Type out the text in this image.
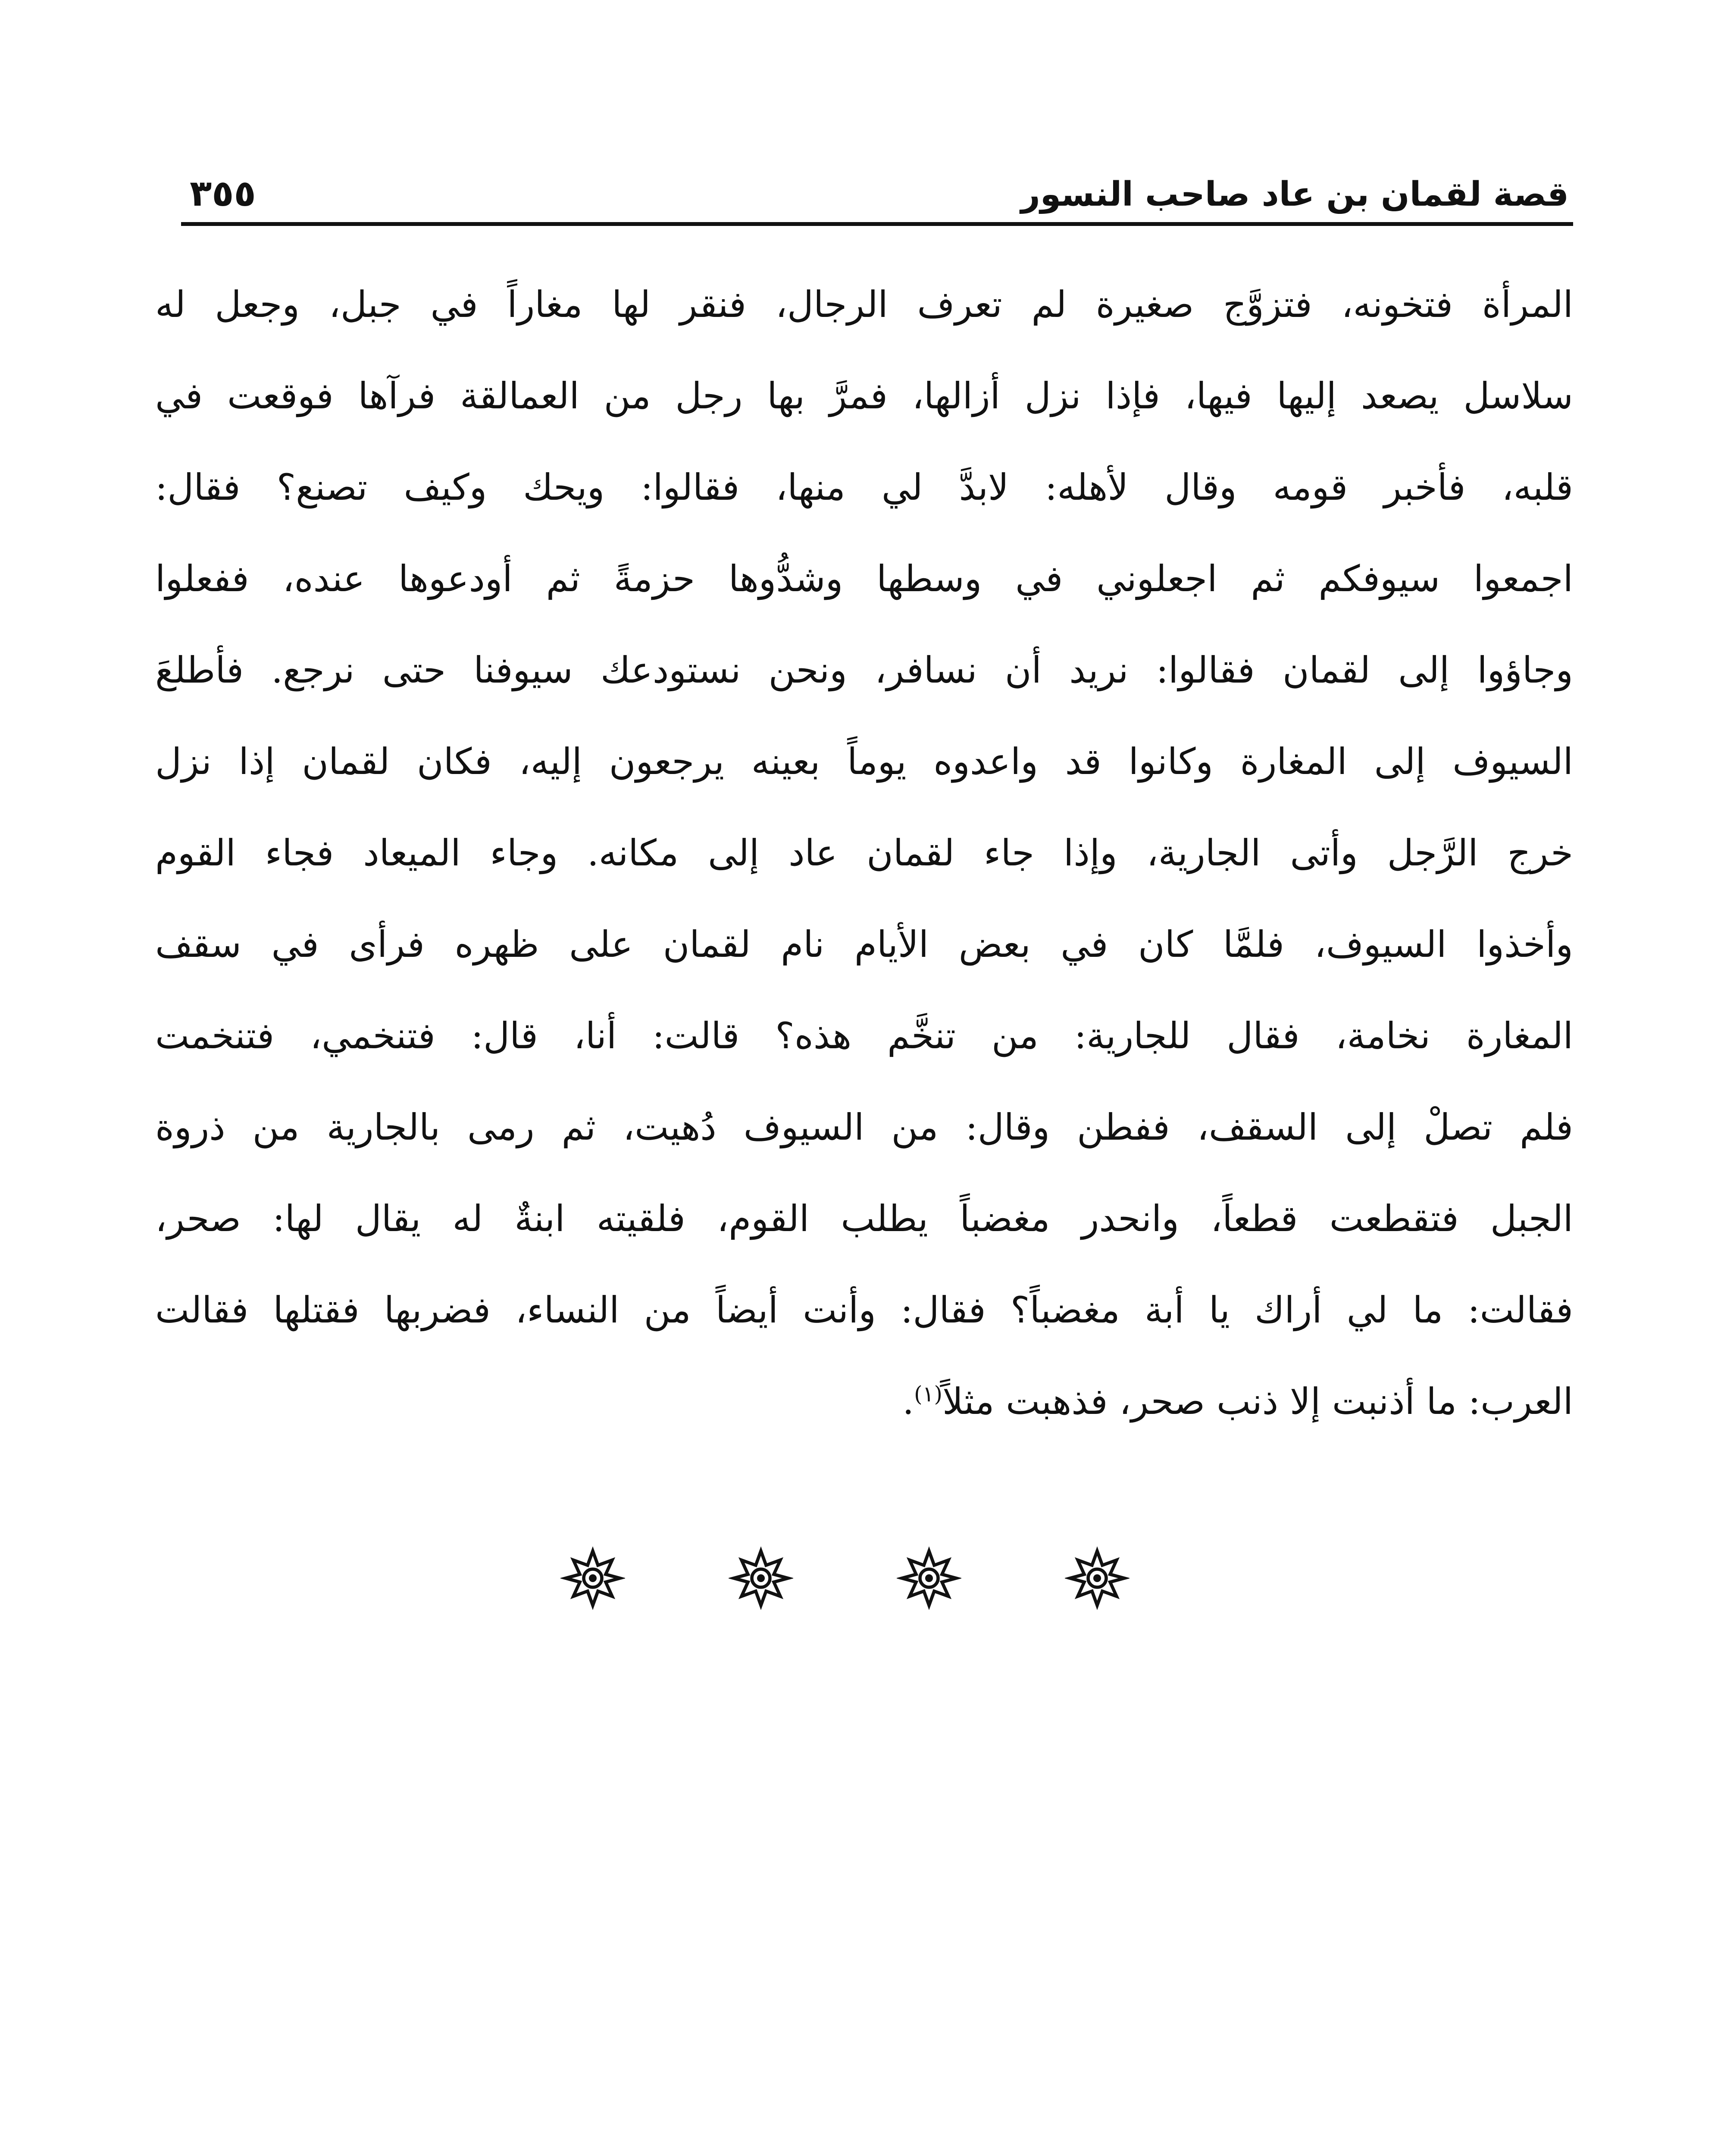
قصة لقمان بن عاد صاحب النسور
٣٥٥
المرأة فتخونه، فتزوَّج صغيرة لم تعرف الرجال، فنقر لها مغاراً في جبل، وجعل له
سلاسل يصعد إليها فيها، فإذا نزل أزالها، فمرَّ بها رجل من العمالقة فرآها فوقعت في
قلبه، فأخبر قومه وقال لأهله: لابدَّ لي منها، فقالوا: ويحك وكيف تصنع؟ فقال:
اجمعوا سيوفكم ثم اجعلوني في وسطها وشدُّوها حزمةً ثم أودعوها عنده، ففعلوا
وجاؤوا إلى لقمان فقالوا: نريد أن نسافر، ونحن نستودعك سيوفنا حتى نرجع. فأطلعَ
السيوف إلى المغارة وكانوا قد واعدوه يوماً بعينه يرجعون إليه، فكان لقمان إذا نزل
خرج الرَّجل وأتى الجارية، وإذا جاء لقمان عاد إلى مكانه. وجاء الميعاد فجاء القوم
وأخذوا السيوف، فلمَّا كان في بعض الأيام نام لقمان على ظهره فرأى في سقف
المغارة نخامة، فقال للجارية: من تنخَّم هذه؟ قالت: أنا، قال: فتنخمي، فتنخمت
فلم تصلْ إلى السقف، ففطن وقال: من السيوف دُهيت، ثم رمى بالجارية من ذروة
الجبل فتقطعت قطعاً، وانحدر مغضباً يطلب القوم، فلقيته ابنةٌ له يقال لها: صحر،
فقالت: ما لي أراك يا أبة مغضباً؟ فقال: وأنت أيضاً من النساء، فضربها فقتلها فقالت
العرب: ما أذنبت إلا ذنب صحر، فذهبت مثلاً$^{(١)}$.
